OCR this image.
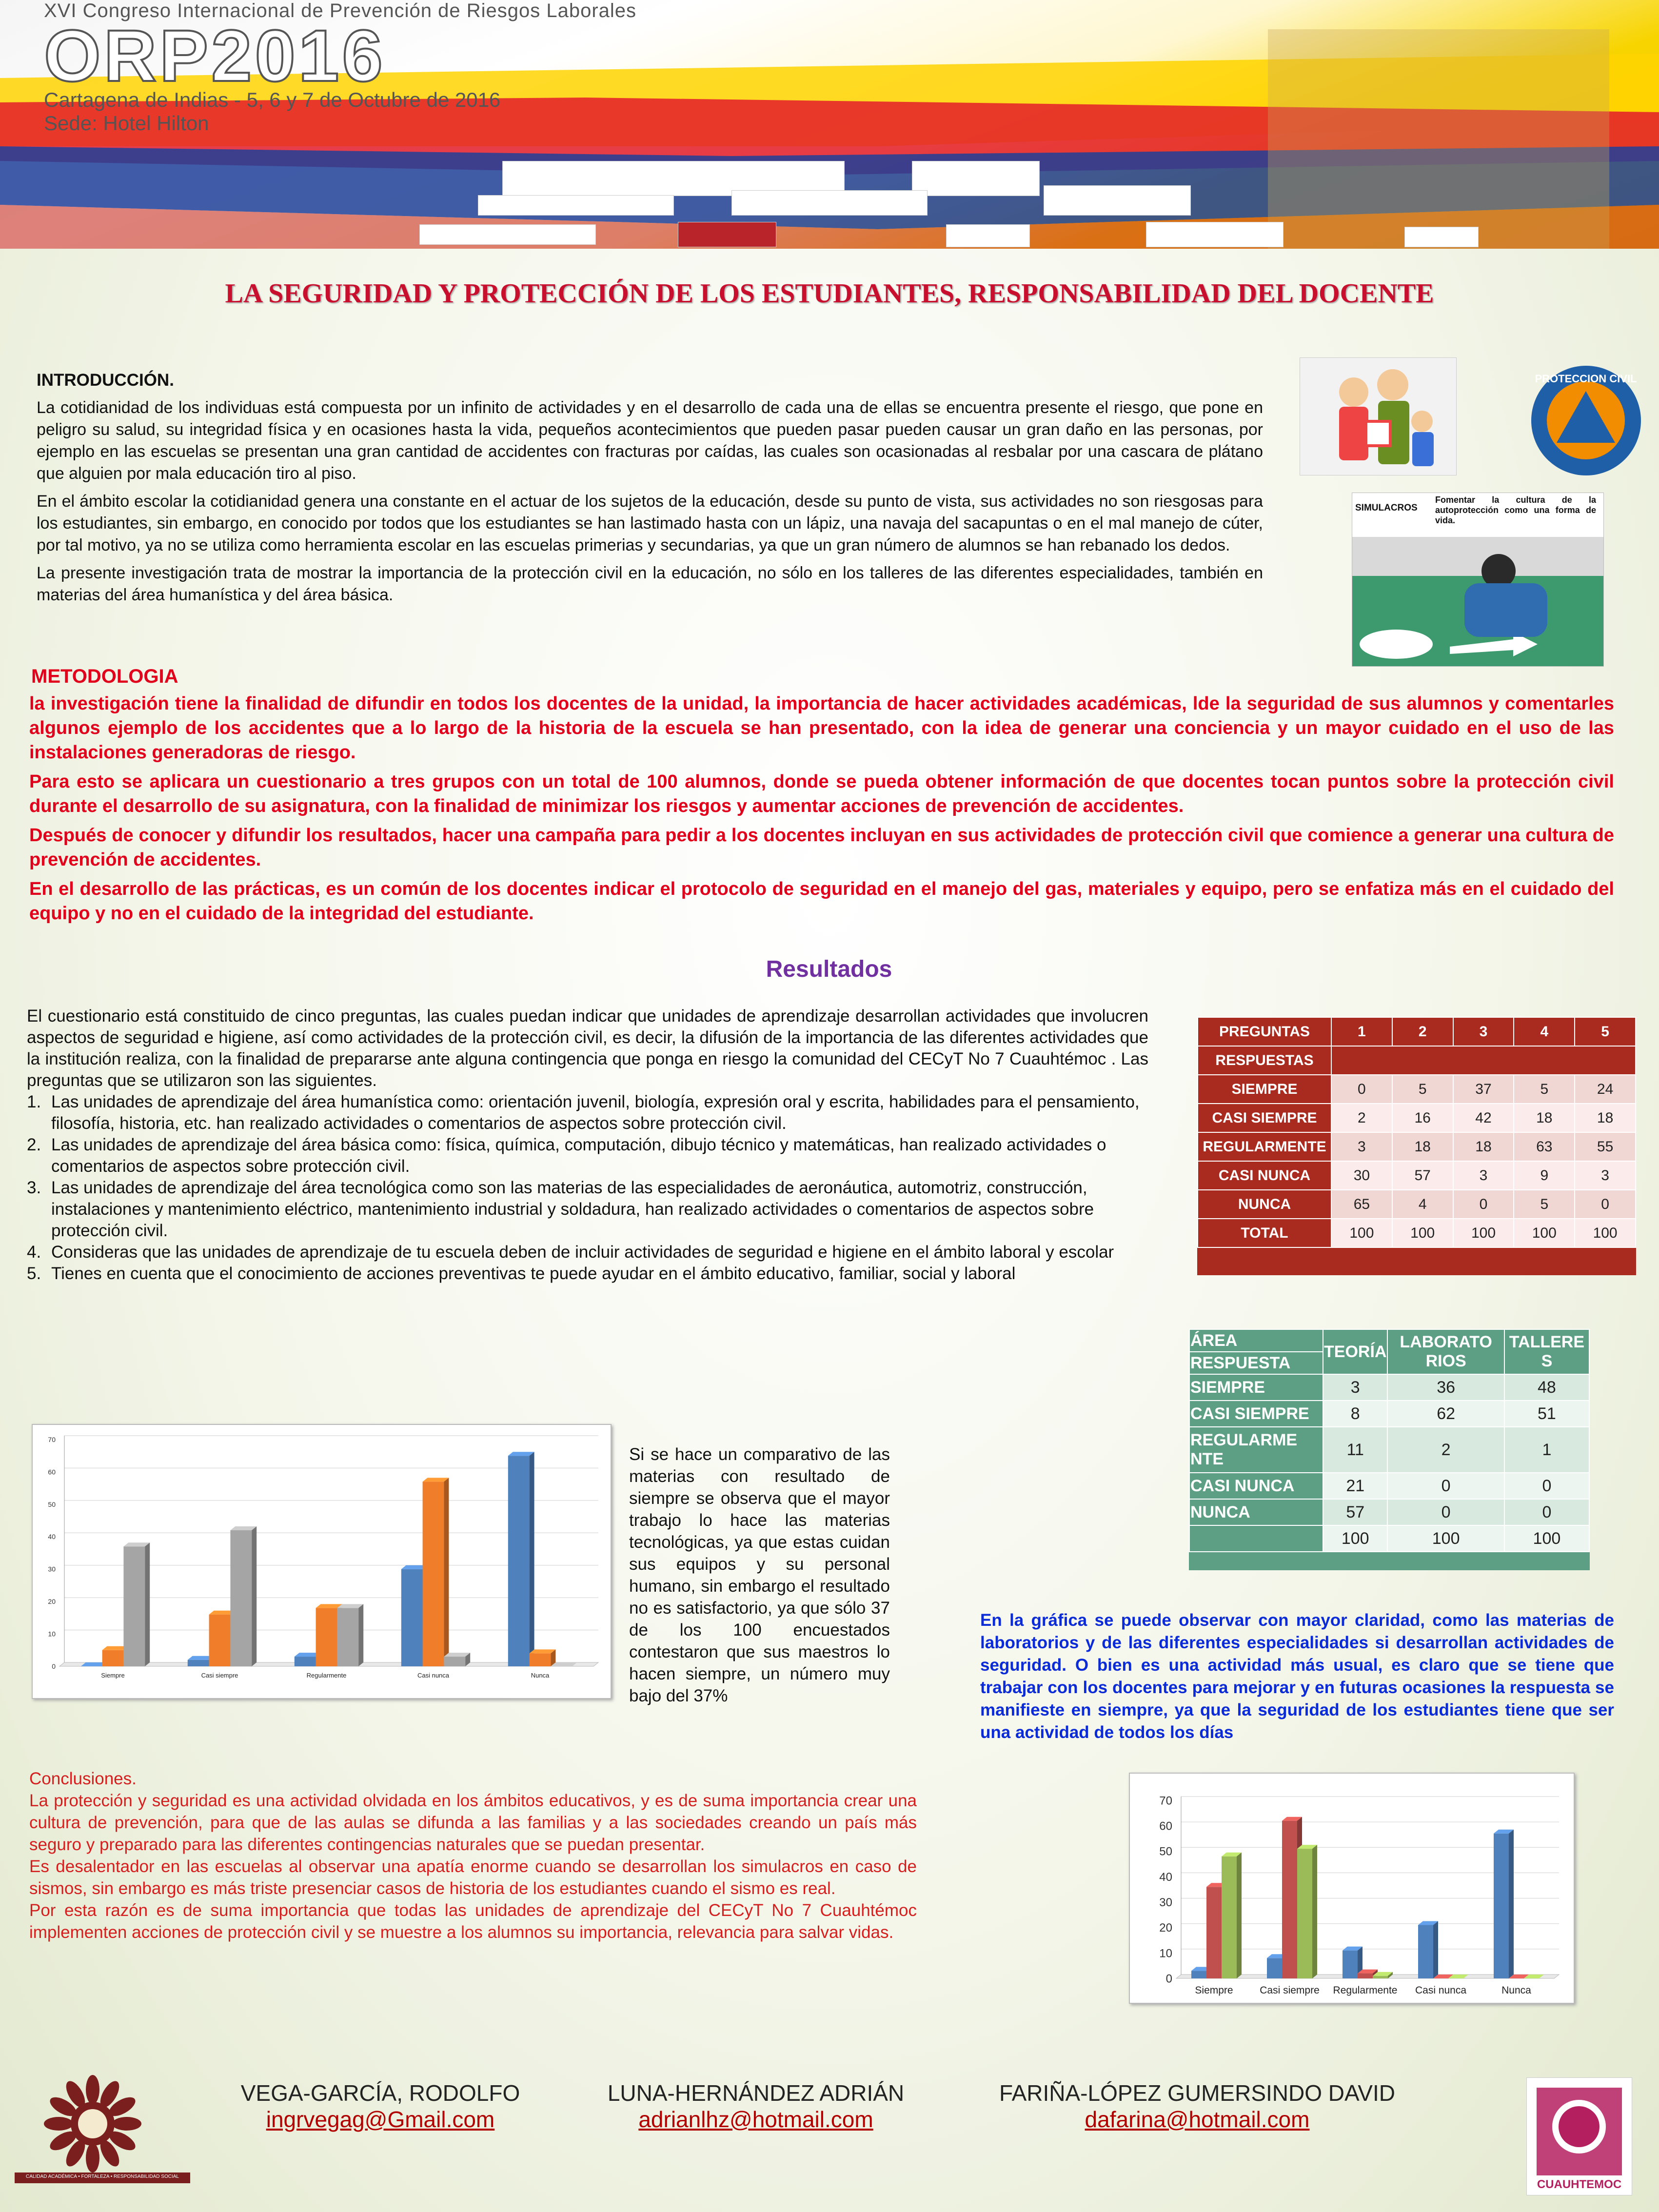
XVI Congreso Internacional de Prevención de Riesgos Laborales
ORP2016
Cartagena de Indias - 5, 6 y 7 de Octubre de 2016
Sede: Hotel Hilton
LA SEGURIDAD Y PROTECCIÓN DE LOS ESTUDIANTES, RESPONSABILIDAD DEL DOCENTE
INTRODUCCIÓN.
La cotidianidad de los individuas está compuesta por un infinito de actividades y en el desarrollo de cada una de ellas se encuentra presente el riesgo, que pone en peligro su salud, su integridad física y en ocasiones hasta la vida, pequeños acontecimientos que pueden pasar pueden causar un gran daño en las personas, por ejemplo en las escuelas se presentan una gran cantidad de accidentes con fracturas por caídas, las cuales son ocasionadas al resbalar por una cascara de plátano que alguien por mala educación tiro al piso.
En el ámbito escolar la cotidianidad genera una constante en el actuar de los sujetos de la educación, desde su punto de vista, sus actividades no son riesgosas para los estudiantes, sin embargo, en conocido por todos que los estudiantes se han lastimado hasta con un lápiz, una navaja del sacapuntas o en el mal manejo de cúter, por tal motivo, ya no se utiliza como herramienta escolar en las escuelas primerias y secundarias, ya que un gran número de alumnos se han rebanado los dedos.
La presente investigación trata de mostrar la importancia de la protección civil en la educación, no sólo en los talleres de las diferentes especialidades, también en materias del área humanística y del área básica.
PROTECCION CIVIL
SIMULACROS
Fomentar la cultura de la autoprotección como una forma de vida.
METODOLOGIA
la investigación tiene la finalidad de difundir en todos los docentes de la unidad, la importancia de hacer actividades académicas, lde la seguridad de sus alumnos y comentarles algunos ejemplo de los accidentes que a lo largo de la historia de la escuela se han presentado, con la idea de generar una conciencia y un mayor cuidado en el uso de las instalaciones generadoras de riesgo.
Para esto se aplicara un cuestionario a tres grupos con un total de 100 alumnos, donde se pueda obtener información de que docentes tocan puntos sobre la protección civil durante el desarrollo de su asignatura, con la finalidad de minimizar los riesgos y aumentar acciones de prevención de accidentes.
Después de conocer y difundir los resultados, hacer una campaña para pedir a los docentes incluyan en sus actividades de protección civil que comience a generar una cultura de prevención de accidentes.
En el desarrollo de las prácticas, es un común de los docentes indicar el protocolo de seguridad en el manejo del gas, materiales y equipo, pero se enfatiza más en el cuidado del equipo y no en el cuidado de la integridad del estudiante.
Resultados
El cuestionario está constituido de cinco preguntas, las cuales puedan indicar que unidades de aprendizaje desarrollan actividades que involucren aspectos de seguridad e higiene, así como actividades de la protección civil, es decir, la difusión de la importancia de las diferentes actividades que la institución realiza, con la finalidad de prepararse ante alguna contingencia que ponga en riesgo la comunidad del CECyT No 7 Cuauhtémoc . Las preguntas que se utilizaron son las siguientes.
1. Las unidades de aprendizaje del área humanística como: orientación juvenil, biología, expresión oral y escrita, habilidades para el pensamiento, filosofía, historia, etc. han realizado actividades o comentarios de aspectos sobre protección civil.
2. Las unidades de aprendizaje del área básica como: física, química, computación, dibujo técnico y matemáticas, han realizado actividades o comentarios de aspectos sobre protección civil.
3. Las unidades de aprendizaje del área tecnológica como son las materias de las especialidades de aeronáutica, automotriz, construcción, instalaciones y mantenimiento eléctrico, mantenimiento industrial y soldadura, han realizado actividades o comentarios de aspectos sobre protección civil.
4. Consideras que las unidades de aprendizaje de tu escuela deben de incluir actividades de seguridad e higiene en el ámbito laboral y escolar
5. Tienes en cuenta que el conocimiento de acciones preventivas te puede ayudar en el ámbito educativo, familiar, social y laboral
PREGUNTAS	1	2	3	4	5
RESPUESTAS					
SIEMPRE	0	5	37	5	24
CASI SIEMPRE	2	16	42	18	18
REGULARMENTE	3	18	18	63	55
CASI NUNCA	30	57	3	9	3
NUNCA	65	4	0	5	0
TOTAL	100	100	100	100	100
ÁREA	TEORÍA	LABORATO RIOS	TALLERE S
RESPUESTA			
SIEMPRE	3	36	48
CASI SIEMPRE	8	62	51
REGULARME NTE	11	2	1
CASI NUNCA	21	0	0
NUNCA	57	0	0
	100	100	100
0
10
20
30
40
50
60
70
Siempre	Casi siempre	Regularmente	Casi nunca	Nunca
Si se hace un comparativo de las materias con resultado de siempre se observa que el mayor trabajo lo hace las materias tecnológicas, ya que estas cuidan sus equipos y su personal humano, sin embargo el resultado no es satisfactorio, ya que sólo 37 de los 100 encuestados contestaron que sus maestros lo hacen siempre, un número muy bajo del 37%
En la gráfica se puede observar con mayor claridad, como las materias de laboratorios y de las diferentes especialidades si desarrollan actividades de seguridad. O bien es una actividad más usual, es claro que se tiene que trabajar con los docentes para mejorar y en futuras ocasiones la respuesta se manifieste en siempre, ya que la seguridad de los estudiantes tiene que ser una actividad de todos los días
Conclusiones.
La protección y seguridad es una actividad olvidada en los ámbitos educativos, y es de suma importancia crear una cultura de prevención, para que de las aulas se difunda a las familias y a las sociedades creando un país más seguro y preparado para las diferentes contingencias naturales que se puedan presentar.
Es desalentador en las escuelas al observar una apatía enorme cuando se desarrollan los simulacros en caso de sismos, sin embargo es más triste presenciar casos de historia de los estudiantes cuando el sismo es real.
Por esta razón es de suma importancia que todas las unidades de aprendizaje del CECyT No 7 Cuauhtémoc implementen acciones de protección civil y se muestre a los alumnos su importancia, relevancia para salvar vidas.
0
10
20
30
40
50
60
70
Siempre	Casi siempre Regularmente Casi nunca	Nunca
CALIDAD ACADÉMICA • FORTALEZA • RESPONSABILIDAD SOCIAL
VEGA-GARCÍA, RODOLFO
ingrvegag@Gmail.com
LUNA-HERNÁNDEZ ADRIÁN
adrianlhz@hotmail.com
FARIÑA-LÓPEZ GUMERSINDO DAVID
dafarina@hotmail.com
CUAUHTEMOC
